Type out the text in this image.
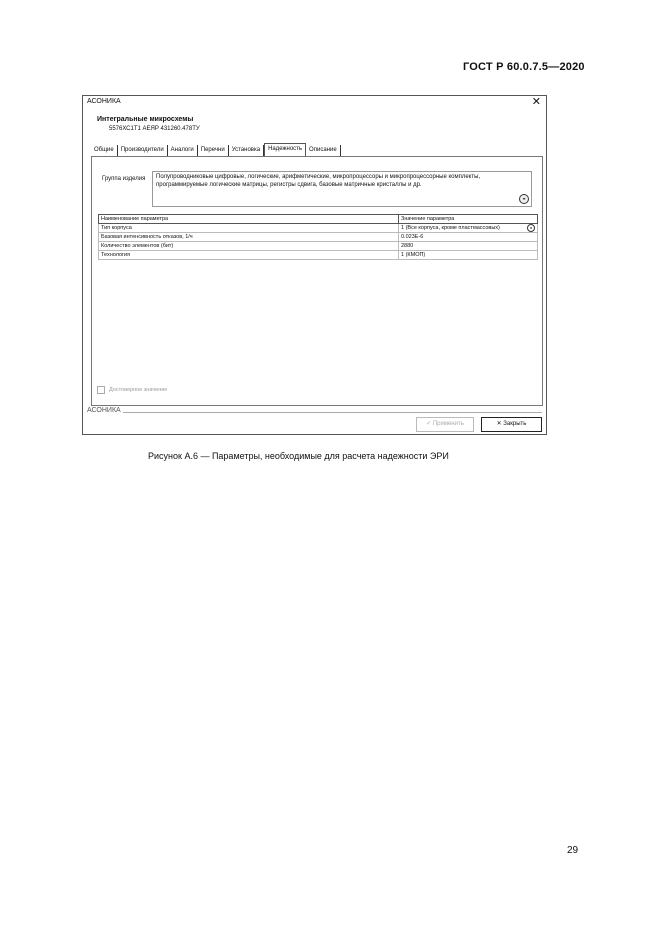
ГОСТ Р 60.0.7.5—2020
АСОНИКА	✕
Интегральные микросхемы
5576ХС1Т1 АЕЯР 431260.478ТУ
Общие	Производители	Аналоги	Перечни	Установка	Надежность	Описание
Группа изделия	Полупроводниковые цифровые, логические, арифметические, микропроцессоры и микропроцессорные комплекты, программируемые логические матрицы, регистры сдвига, базовые матричные кристаллы и др.
◒
Наименование параметра	Значение параметра
Тип корпуса	1 (Все корпуса, кроме пластмассовых) ◒

Базовая интенсивность отказов, 1/ч	0.023E-6
Количество элементов (бит)	2880
Технология	1 (КМОП)
Достоверное значение
АСОНИКА
✓ Применить	✕ Закрыть
Рисунок А.6 — Параметры, необходимые для расчета надежности ЭРИ
29
